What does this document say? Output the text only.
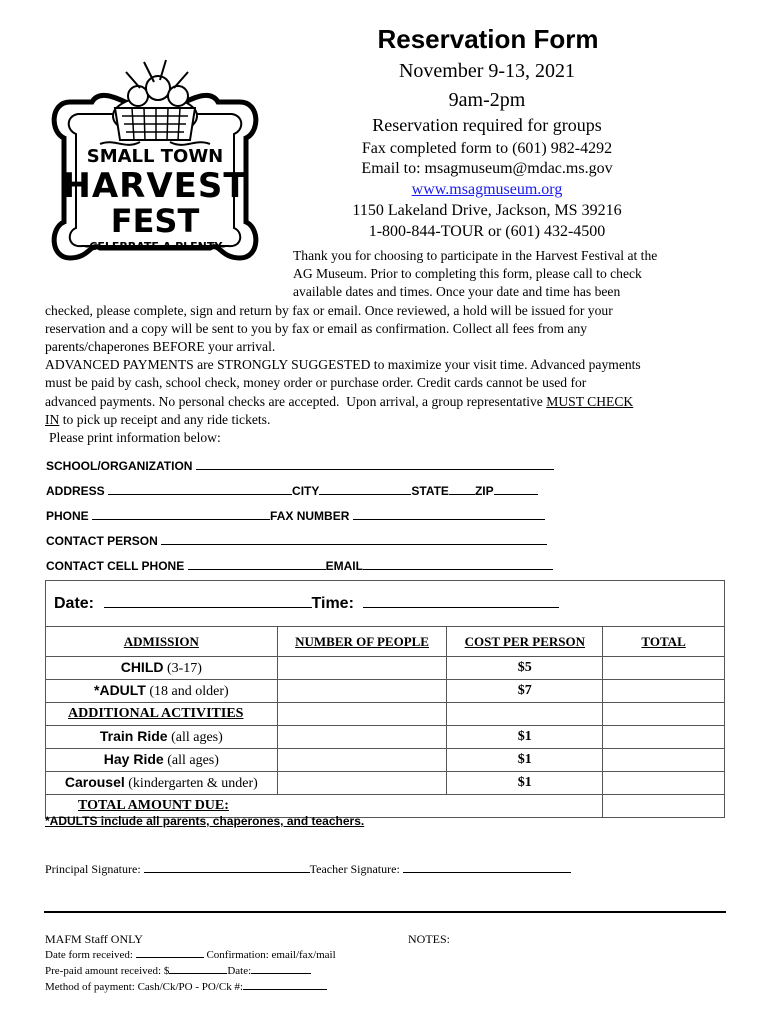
SMALL TOWN
HARVEST
FEST
-CELEBRATE A PLENTY-
Reservation Form
November 9-13, 2021
9am-2pm
Reservation required for groups
Fax completed form to (601) 982-4292
Email to: msagmuseum@mdac.ms.gov
www.msagmuseum.org
1150 Lakeland Drive, Jackson, MS 39216
1-800-844-TOUR or (601) 432-4500
Thank you for choosing to participate in the Harvest Festival at the
AG Museum. Prior to completing this form, please call to check
available dates and times. Once your date and time has been
checked, please complete, sign and return by fax or email. Once reviewed, a hold will be issued for your
reservation and a copy will be sent to you by fax or email as confirmation. Collect all fees from any
parents/chaperones BEFORE your arrival.
ADVANCED PAYMENTS are STRONGLY SUGGESTED to maximize your visit time. Advanced payments
must be paid by cash, school check, money order or purchase order. Credit cards cannot be used for
advanced payments. No personal checks are accepted.  Upon arrival, a group representative MUST CHECK
IN to pick up receipt and any ride tickets.
Please print information below:
SCHOOL/ORGANIZATION
ADDRESS	CITY	STATE ZIP
PHONE	FAX NUMBER
CONTACT PERSON
CONTACT CELL PHONE	EMAIL
Date: Time:			
ADMISSION	NUMBER OF PEOPLE	COST PER PERSON	TOTAL
CHILD (3-17)		$5	
*ADULT (18 and older)		$7	
ADDITIONAL ACTIVITIES			
Train Ride (all ages)		$1	
Hay Ride (all ages)		$1	
Carousel (kindergarten & under)		$1	
TOTAL AMOUNT DUE:			
*ADULTS include all parents, chaperones, and teachers.
Principal Signature:	Teacher Signature:
MAFM Staff ONLY	NOTES:
Date form received:	Confirmation: email/fax/mail
Pre-paid amount received: $	Date:
Method of payment: Cash/Ck/PO - PO/Ck #:
